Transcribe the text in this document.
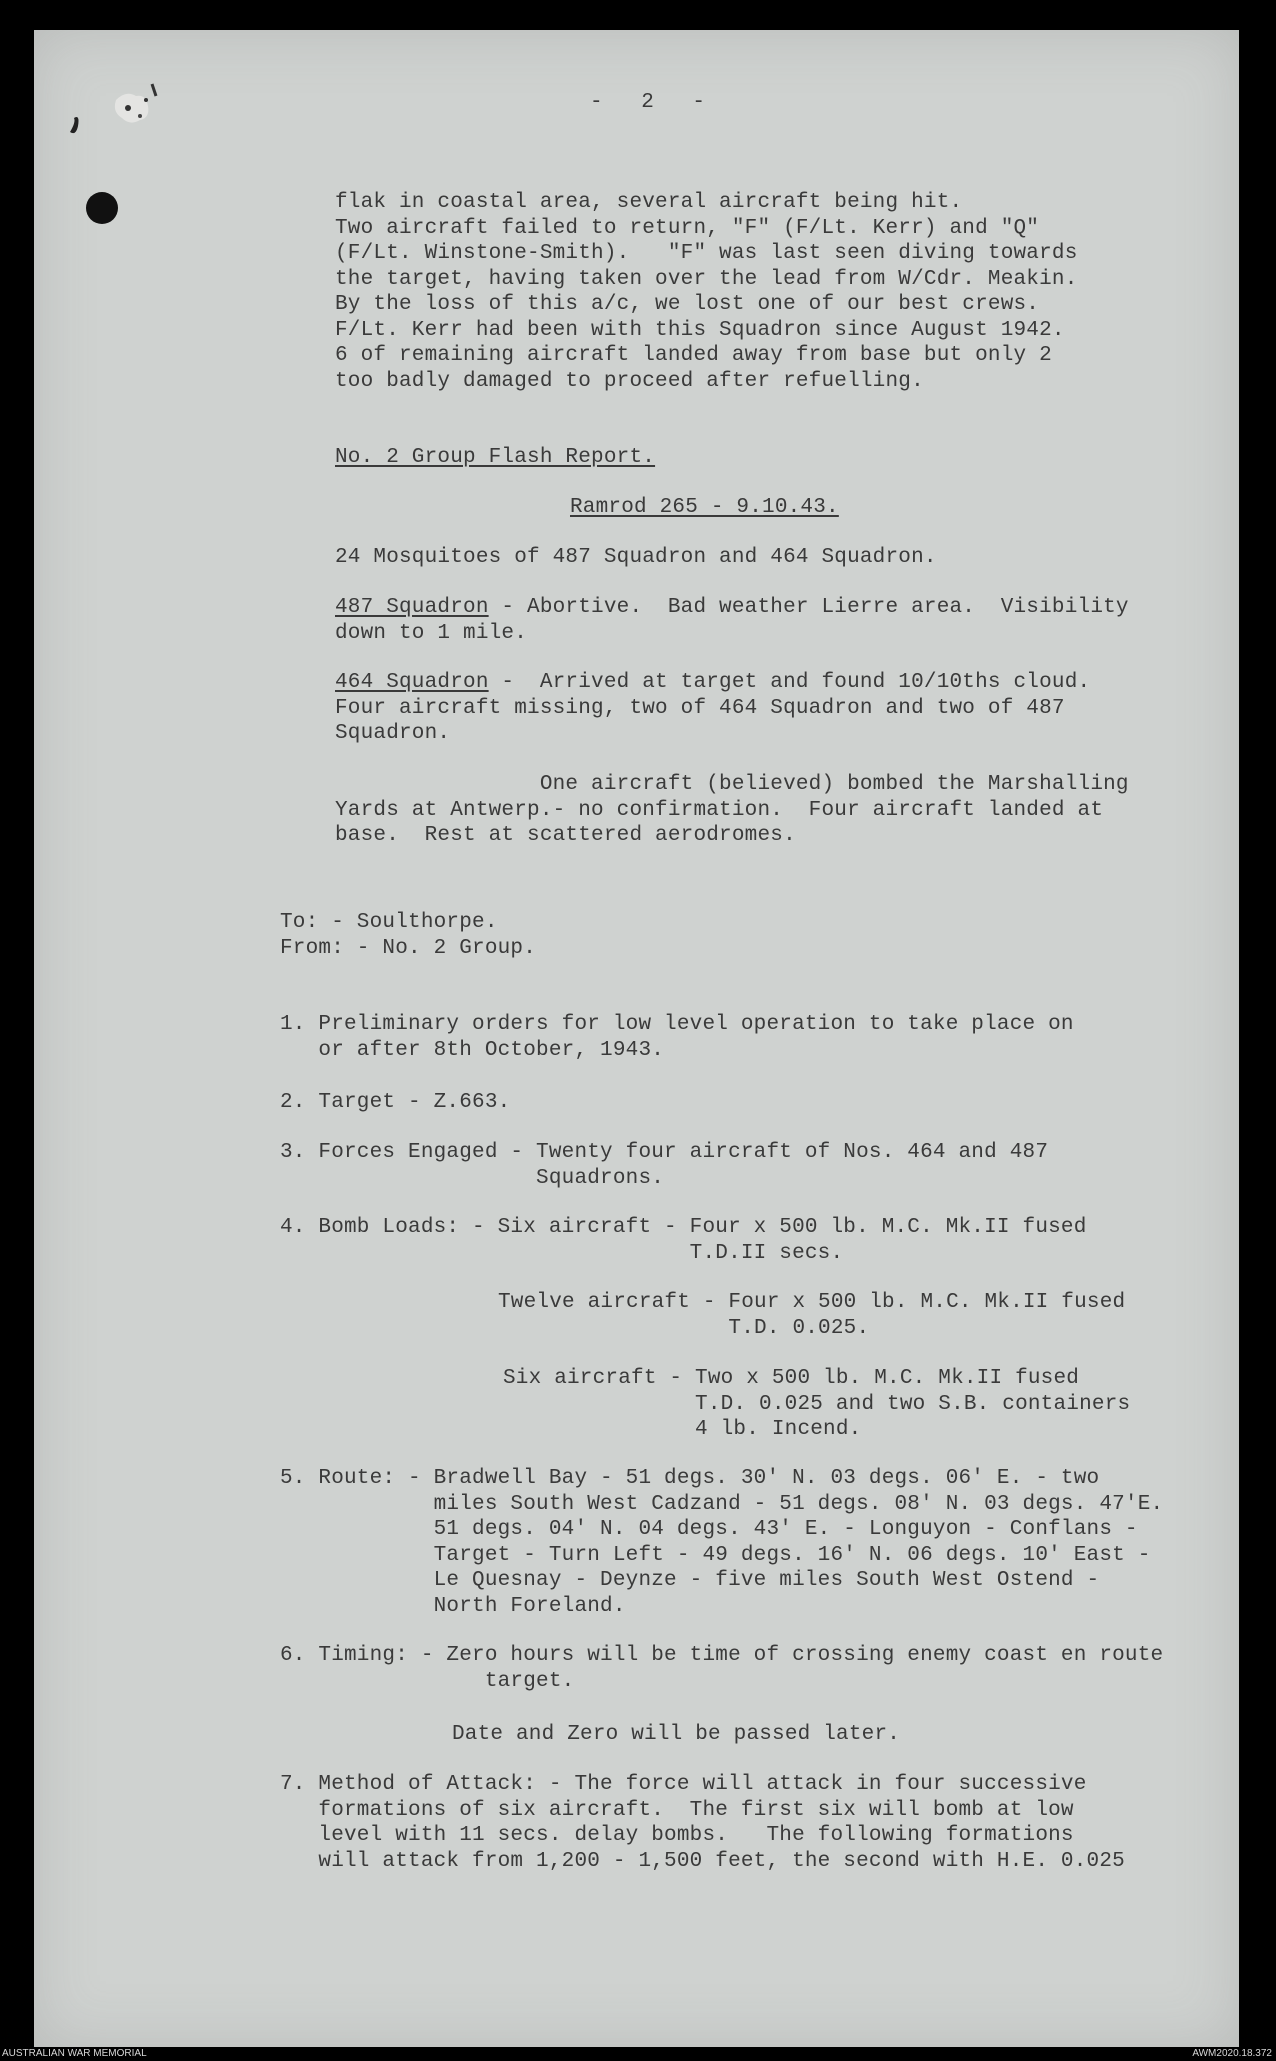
-   2   -

flak in coastal area, several aircraft being hit.
Two aircraft failed to return, "F" (F/Lt. Kerr) and "Q"
(F/Lt. Winstone-Smith).   "F" was last seen diving towards
the target, having taken over the lead from W/Cdr. Meakin.
By the loss of this a/c, we lost one of our best crews.
F/Lt. Kerr had been with this Squadron since August 1942.
6 of remaining aircraft landed away from base but only 2
too badly damaged to proceed after refuelling.

No. 2 Group Flash Report.

Ramrod 265 - 9.10.43.

24 Mosquitoes of 487 Squadron and 464 Squadron.

487 Squadron - Abortive.  Bad weather Lierre area.  Visibility
down to 1 mile.
464 Squadron -  Arrived at target and found 10/10ths cloud.
Four aircraft missing, two of 464 Squadron and two of 487
Squadron.
One aircraft (believed) bombed the Marshalling
Yards at Antwerp.- no confirmation.  Four aircraft landed at
base.  Rest at scattered aerodromes.
To: - Soulthorpe.
From: - No. 2 Group.
1. Preliminary orders for low level operation to take place on
or after 8th October, 1943.

2. Target - Z.663.

3. Forces Engaged - Twenty four aircraft of Nos. 464 and 487
Squadrons.
4. Bomb Loads: - Six aircraft - Four x 500 lb. M.C. Mk.II fused
T.D.II secs.
Twelve aircraft - Four x 500 lb. M.C. Mk.II fused
T.D. 0.025.
Six aircraft - Two x 500 lb. M.C. Mk.II fused
T.D. 0.025 and two S.B. containers
4 lb. Incend.
5. Route: - Bradwell Bay - 51 degs. 30' N. 03 degs. 06' E. - two
miles South West Cadzand - 51 degs. 08' N. 03 degs. 47'E.
51 degs. 04' N. 04 degs. 43' E. - Longuyon - Conflans -
Target - Turn Left - 49 degs. 16' N. 06 degs. 10' East -
Le Quesnay - Deynze - five miles South West Ostend -
North Foreland.
6. Timing: - Zero hours will be time of crossing enemy coast en route
target.

Date and Zero will be passed later.

7. Method of Attack: - The force will attack in four successive
formations of six aircraft.  The first six will bomb at low
level with 11 secs. delay bombs.   The following formations
will attack from 1,200 - 1,500 feet, the second with H.E. 0.025
AUSTRALIAN WAR MEMORIAL	AWM2020.18.372
